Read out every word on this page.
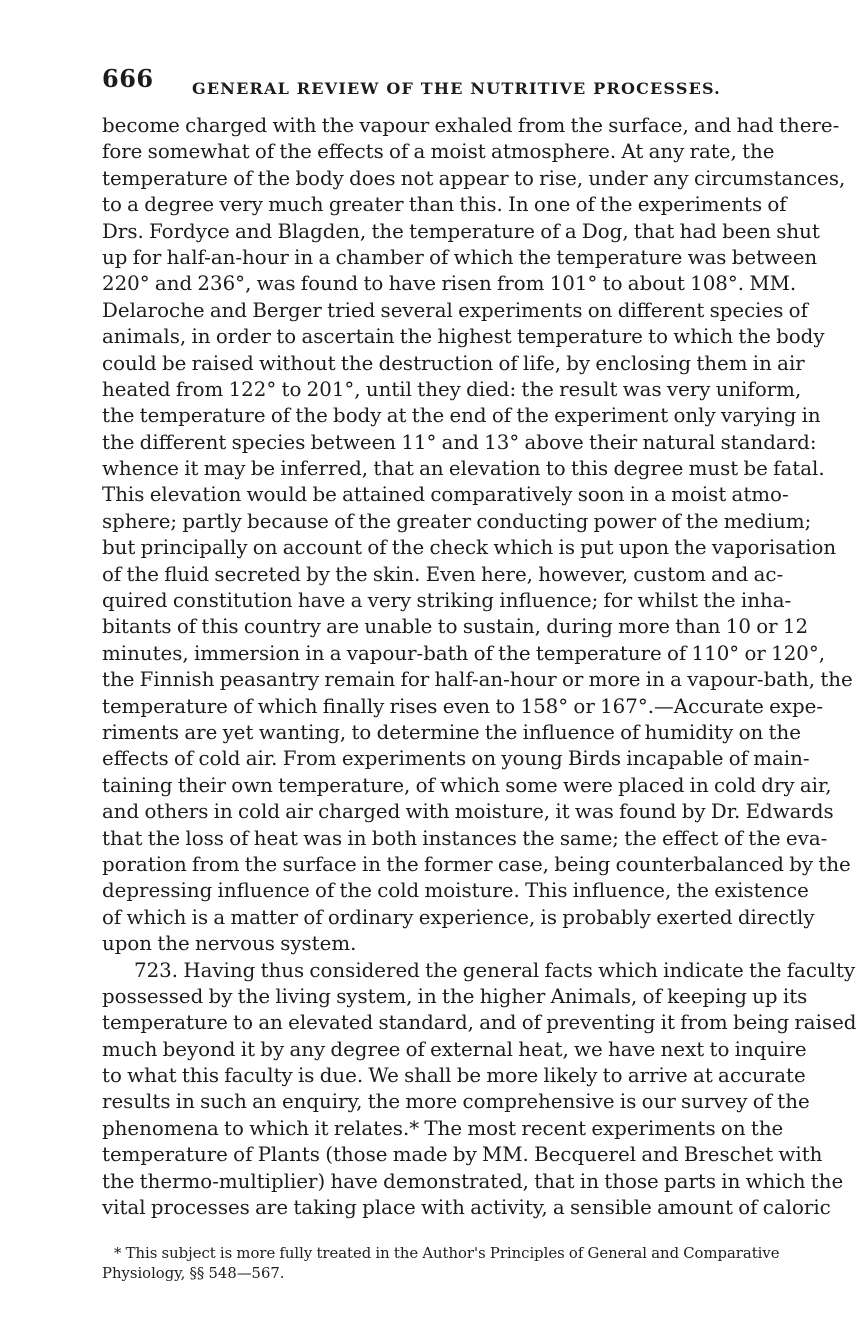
666 GENERAL REVIEW OF THE NUTRITIVE PROCESSES.
become charged with the vapour exhaled from the surface, and had there-
fore somewhat of the effects of a moist atmosphere. At any rate, the
temperature of the body does not appear to rise, under any circumstances,
to a degree very much greater than this. In one of the experiments of
Drs. Fordyce and Blagden, the temperature of a Dog, that had been shut
up for half-an-hour in a chamber of which the temperature was between
220° and 236°, was found to have risen from 101° to about 108°. MM.
Delaroche and Berger tried several experiments on different species of
animals, in order to ascertain the highest temperature to which the body
could be raised without the destruction of life, by enclosing them in air
heated from 122° to 201°, until they died: the result was very uniform,
the temperature of the body at the end of the experiment only varying in
the different species between 11° and 13° above their natural standard:
whence it may be inferred, that an elevation to this degree must be fatal.
This elevation would be attained comparatively soon in a moist atmo-
sphere; partly because of the greater conducting power of the medium;
but principally on account of the check which is put upon the vaporisation
of the fluid secreted by the skin. Even here, however, custom and ac-
quired constitution have a very striking influence; for whilst the inha-
bitants of this country are unable to sustain, during more than 10 or 12
minutes, immersion in a vapour-bath of the temperature of 110° or 120°,
the Finnish peasantry remain for half-an-hour or more in a vapour-bath, the
temperature of which finally rises even to 158° or 167°.—Accurate expe-
riments are yet wanting, to determine the influence of humidity on the
effects of cold air. From experiments on young Birds incapable of main-
taining their own temperature, of which some were placed in cold dry air,
and others in cold air charged with moisture, it was found by Dr. Edwards
that the loss of heat was in both instances the same; the effect of the eva-
poration from the surface in the former case, being counterbalanced by the
depressing influence of the cold moisture. This influence, the existence
of which is a matter of ordinary experience, is probably exerted directly
upon the nervous system.
723. Having thus considered the general facts which indicate the faculty
possessed by the living system, in the higher Animals, of keeping up its
temperature to an elevated standard, and of preventing it from being raised
much beyond it by any degree of external heat, we have next to inquire
to what this faculty is due. We shall be more likely to arrive at accurate
results in such an enquiry, the more comprehensive is our survey of the
phenomena to which it relates.* The most recent experiments on the
temperature of Plants (those made by MM. Becquerel and Breschet with
the thermo-multiplier) have demonstrated, that in those parts in which the
vital processes are taking place with activity, a sensible amount of caloric
* This subject is more fully treated in the Author's Principles of General and Comparative
Physiology, §§ 548—567.
